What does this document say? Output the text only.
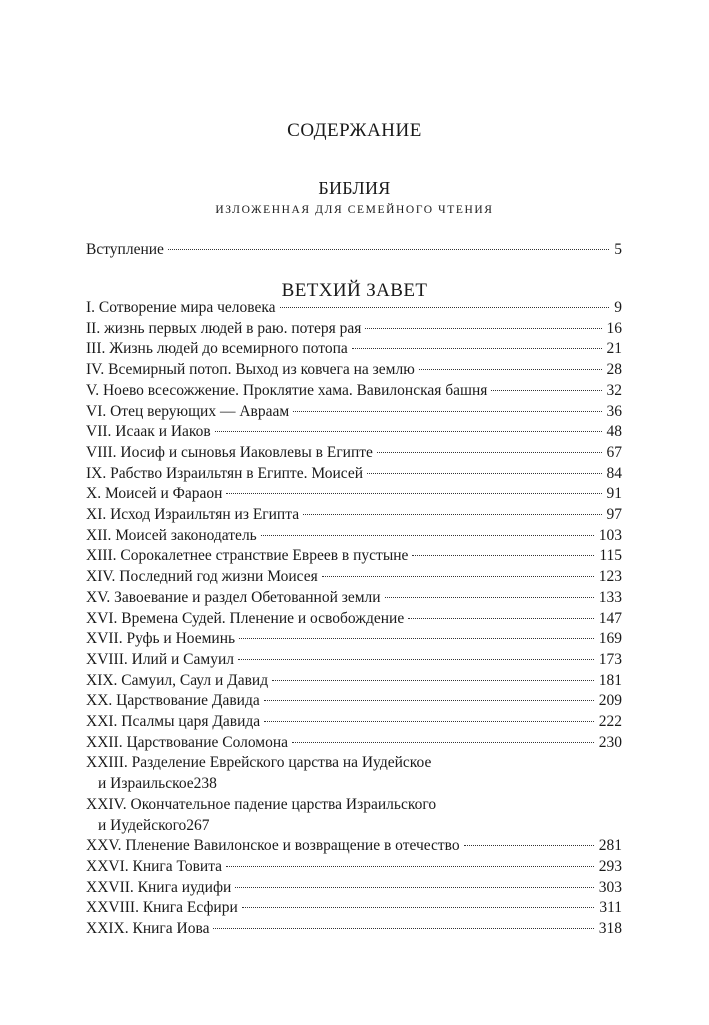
СОДЕРЖАНИЕ
БИБЛИЯ
ИЗЛОЖЕННАЯ ДЛЯ СЕМЕЙНОГО ЧТЕНИЯ
Вступление	5
ВЕТХИЙ ЗАВЕТ
I. Сотворение мира человека	9
II. жизнь первых людей в раю. потеря рая	16
III. Жизнь людей до всемирного потопа	21
IV. Всемирный потоп. Выход из ковчега на землю	28
V. Ноево всесожжение. Проклятие хама. Вавилонская башня	32
VI. Отец верующих — Авраам	36
VII. Исаак и Иаков	48
VIII. Иосиф и сыновья Иаковлевы в Египте	67
IX. Рабство Израильтян в Египте. Моисей	84
X. Моисей и Фараон	91
XI. Исход Израильтян из Египта	97
XII. Моисей законодатель	103
XIII. Сорокалетнее странствие Евреев в пустыне	115
XIV. Последний год жизни Моисея	123
XV. Завоевание и раздел Обетованной земли	133
XVI. Времена Судей. Пленение и освобождение	147
XVII. Руфь и Ноеминь	169
XVIII. Илий и Самуил	173
XIX. Самуил, Саул и Давид	181
XX. Царствование Давида	209
XXI. Псалмы царя Давида	222
XXII. Царствование Соломона	230
XXIII. Разделение Еврейского царства на Иудейское
и Израильское 238
XXIV. Окончательное падение царства Израильского
и Иудейского 267
XXV. Пленение Вавилонское и возвращение в отечество	281
XXVI. Книга Товита	293
XXVII. Книга иудифи	303
XXVIII. Книга Есфири	311
XXIX. Книга Иова	318
